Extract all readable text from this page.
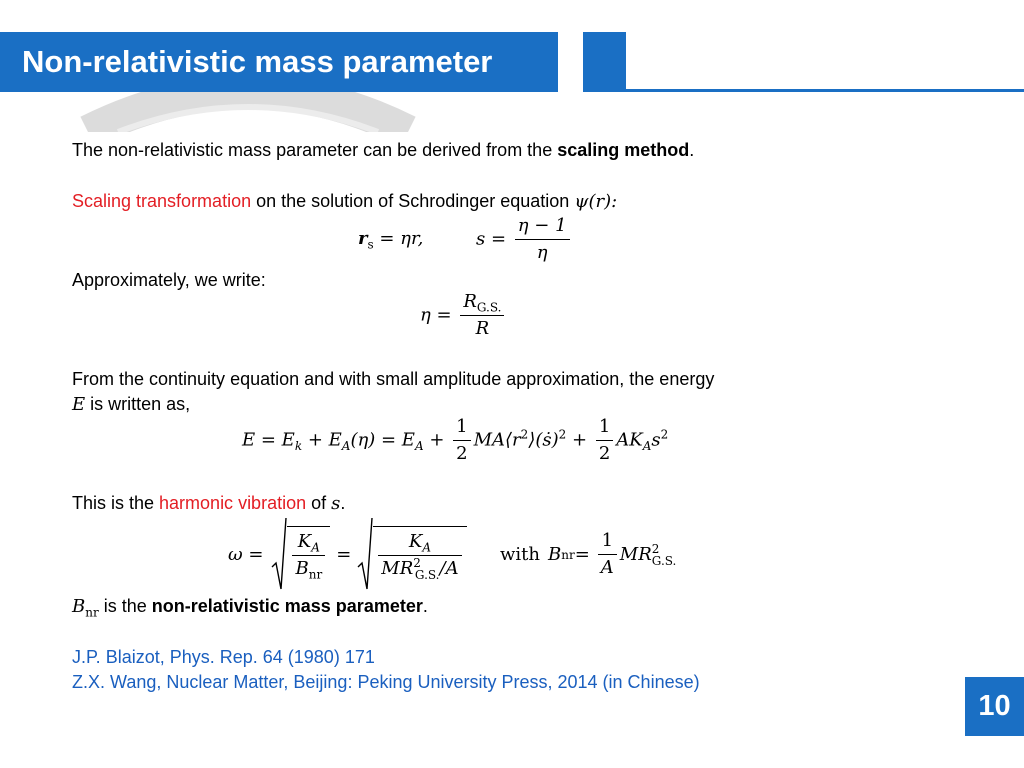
Non-relativistic mass parameter
The non-relativistic mass parameter can be derived from the scaling method.
Scaling transformation on the solution of Schrodinger equation ψ(r):
$r_s = \eta r$,	$s = \frac{\eta - 1}{\eta}$
Approximately, we write:
$\eta = \frac{R_{G.S.}}{R}$
From the continuity equation and with small amplitude approximation, the energy
E is written as,
$E = E_k + E_A(\eta) = E_A + \frac{1}{2}$ $MA⟨r^2⟩(ṡ)^2 + \frac{1}{2} AK_As^2$
This is the harmonic vibration of s.
$\omega = \frac{K_A}{B_{nr}} = \frac{K_A}{MR^2_{G.S.}/A}$ with B nr = $\frac{1}{A}$ MR 2
G.S.
$B_{nr}$ is the non-relativistic mass parameter.
J.P. Blaizot, Phys. Rep. 64 (1980) 171
Z.X. Wang, Nuclear Matter, Beijing: Peking University Press, 2014 (in Chinese)
10
